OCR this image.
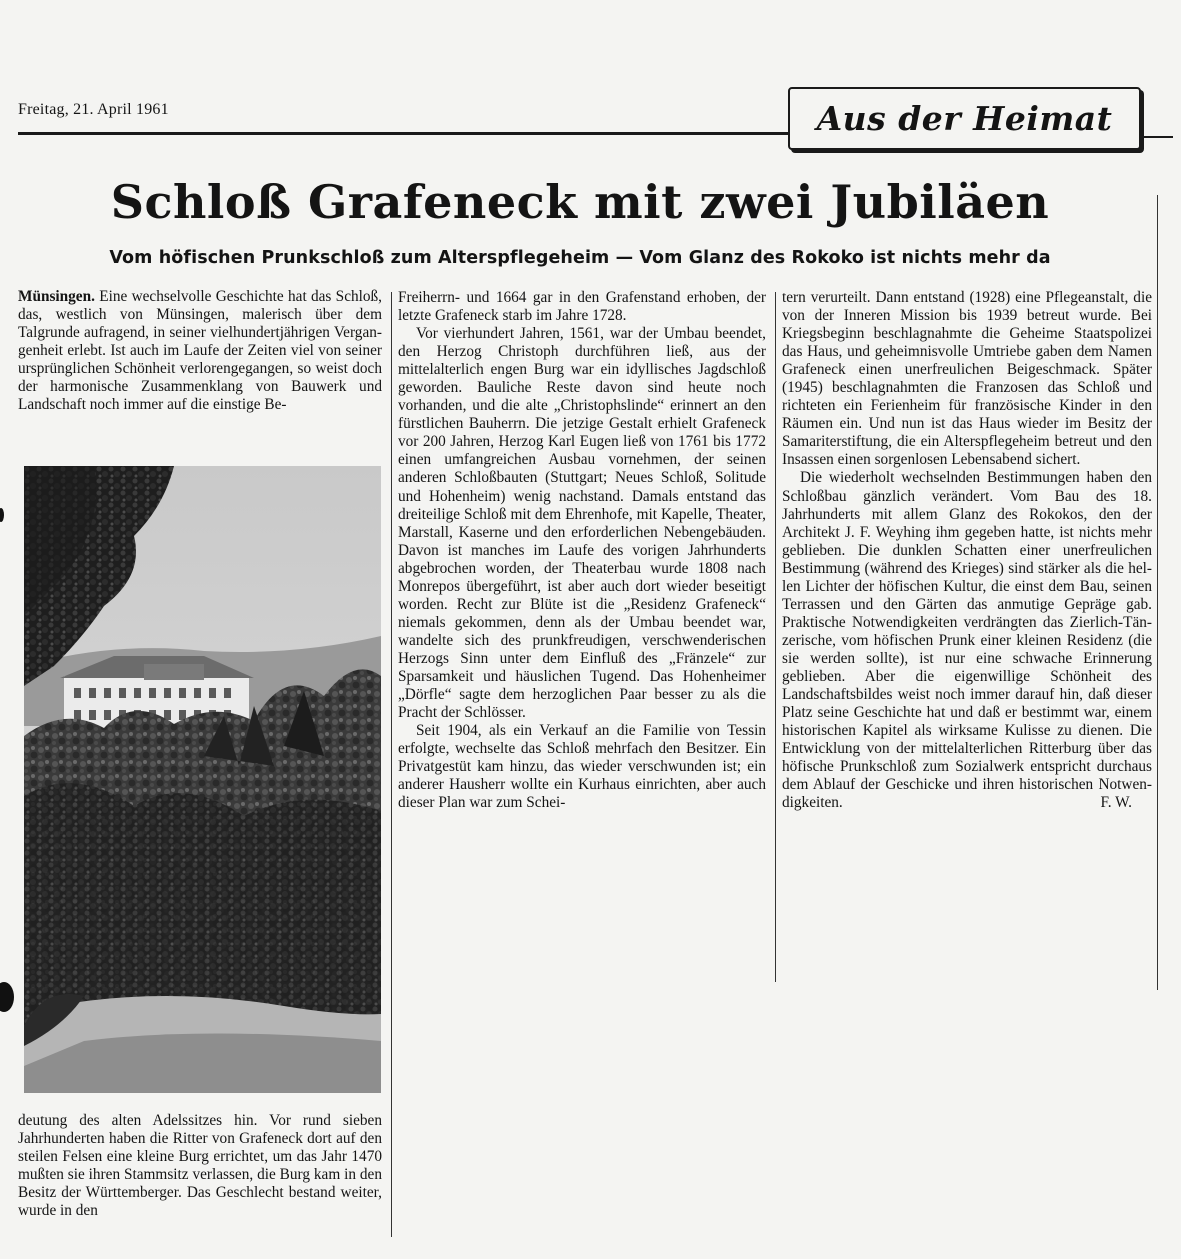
Freitag, 21. April 1961	Aus der Heimat
Schloß Grafeneck mit zwei Jubiläen
Vom höfischen Prunkschloß zum Alterspflegeheim — Vom Glanz des Rokoko ist nichts mehr da

Münsingen. Eine wechselvolle Geschichte hat das Schloß, das, westlich von Münsingen, malerisch über dem Talgrunde aufragend, in seiner vielhundertjährigen Vergangenheit erlebt. Ist auch im Laufe der Zeiten viel von seiner ursprünglichen Schönheit verlorengegangen, so weist doch der harmonische Zusammenklang von Bauwerk und Landschaft noch immer auf die einstige Be-

deutung des alten Adelssitzes hin. Vor rund sieben Jahrhunderten haben die Ritter von Grafeneck dort auf den steilen Felsen eine kleine Burg errichtet, um das Jahr 1470 mußten sie ihren Stammsitz verlassen, die Burg kam in den Besitz der Württemberger. Das Geschlecht bestand weiter, wurde in den

Freiherrn- und 1664 gar in den Grafenstand erhoben, der letzte Grafeneck starb im Jahre 1728.

Vor vierhundert Jahren, 1561, war der Umbau beendet, den Herzog Christoph durchführen ließ, aus der mittelalterlich engen Burg war ein idyllisches Jagdschloß geworden. Bauliche Reste davon sind heute noch vorhanden, und die alte „Christophslinde“ erinnert an den fürstlichen Bauherrn. Die jetzige Gestalt erhielt Grafeneck vor 200 Jahren, Herzog Karl Eugen ließ von 1761 bis 1772 einen umfangreichen Ausbau vornehmen, der seinen anderen Schloßbauten (Stuttgart; Neues Schloß, Solitude und Hohenheim) wenig nachstand. Damals entstand das dreiteilige Schloß mit dem Ehrenhofe, mit Kapelle, Theater, Marstall, Kaserne und den erforderlichen Nebengebäuden. Davon ist manches im Laufe des vorigen Jahrhunderts abgebrochen worden, der Theaterbau wurde 1808 nach Monrepos übergeführt, ist aber auch dort wieder beseitigt worden. Recht zur Blüte ist die „Residenz Grafeneck“ niemals gekommen, denn als der Umbau beendet war, wandelte sich des prunkfreudigen, verschwenderischen Herzogs Sinn unter dem Einfluß des „Fränzele“ zur Sparsamkeit und häuslichen Tugend. Das Hohenheimer „Dörfle“ sagte dem herzoglichen Paar besser zu als die Pracht der Schlösser.

Seit 1904, als ein Verkauf an die Familie von Tessin erfolgte, wechselte das Schloß mehrfach den Besitzer. Ein Privatgestüt kam hinzu, das wieder verschwunden ist; ein anderer Hausherr wollte ein Kurhaus einrichten, aber auch dieser Plan war zum Schei-

tern verurteilt. Dann entstand (1928) eine Pflegeanstalt, die von der Inneren Mission bis 1939 betreut wurde. Bei Kriegsbeginn beschlagnahmte die Geheime Staatspolizei das Haus, und geheimnisvolle Umtriebe gaben dem Namen Grafeneck einen unerfreulichen Beigeschmack. Später (1945) beschlagnahmten die Franzosen das Schloß und richteten ein Ferienheim für französische Kinder in den Räumen ein. Und nun ist das Haus wieder im Besitz der Samariterstiftung, die ein Alterspflegeheim betreut und den Insassen einen sorgenlosen Lebensabend sichert.

Die wiederholt wechselnden Bestimmungen haben den Schloßbau gänzlich verändert. Vom Bau des 18. Jahrhunderts mit allem Glanz des Rokokos, den der Architekt J. F. Weyhing ihm gegeben hatte, ist nichts mehr geblieben. Die dunklen Schatten einer unerfreulichen Bestimmung (während des Krieges) sind stärker als die hellen Lichter der höfischen Kultur, die einst dem Bau, seinen Terrassen und den Gärten das anmutige Gepräge gab. Praktische Notwendigkeiten verdrängten das Zierlich-Tänzerische, vom höfischen Prunk einer kleinen Residenz (die sie werden sollte), ist nur eine schwache Erinnerung geblieben. Aber die eigenwillige Schönheit des Landschaftsbildes weist noch immer darauf hin, daß dieser Platz seine Geschichte hat und daß er bestimmt war, einem historischen Kapitel als wirksame Kulisse zu dienen. Die Entwicklung von der mittelalterlichen Ritterburg über das höfische Prunkschloß zum Sozialwerk entspricht durchaus dem Ablauf der Geschicke und ihren historischen Notwendigkeiten.	F. W.
